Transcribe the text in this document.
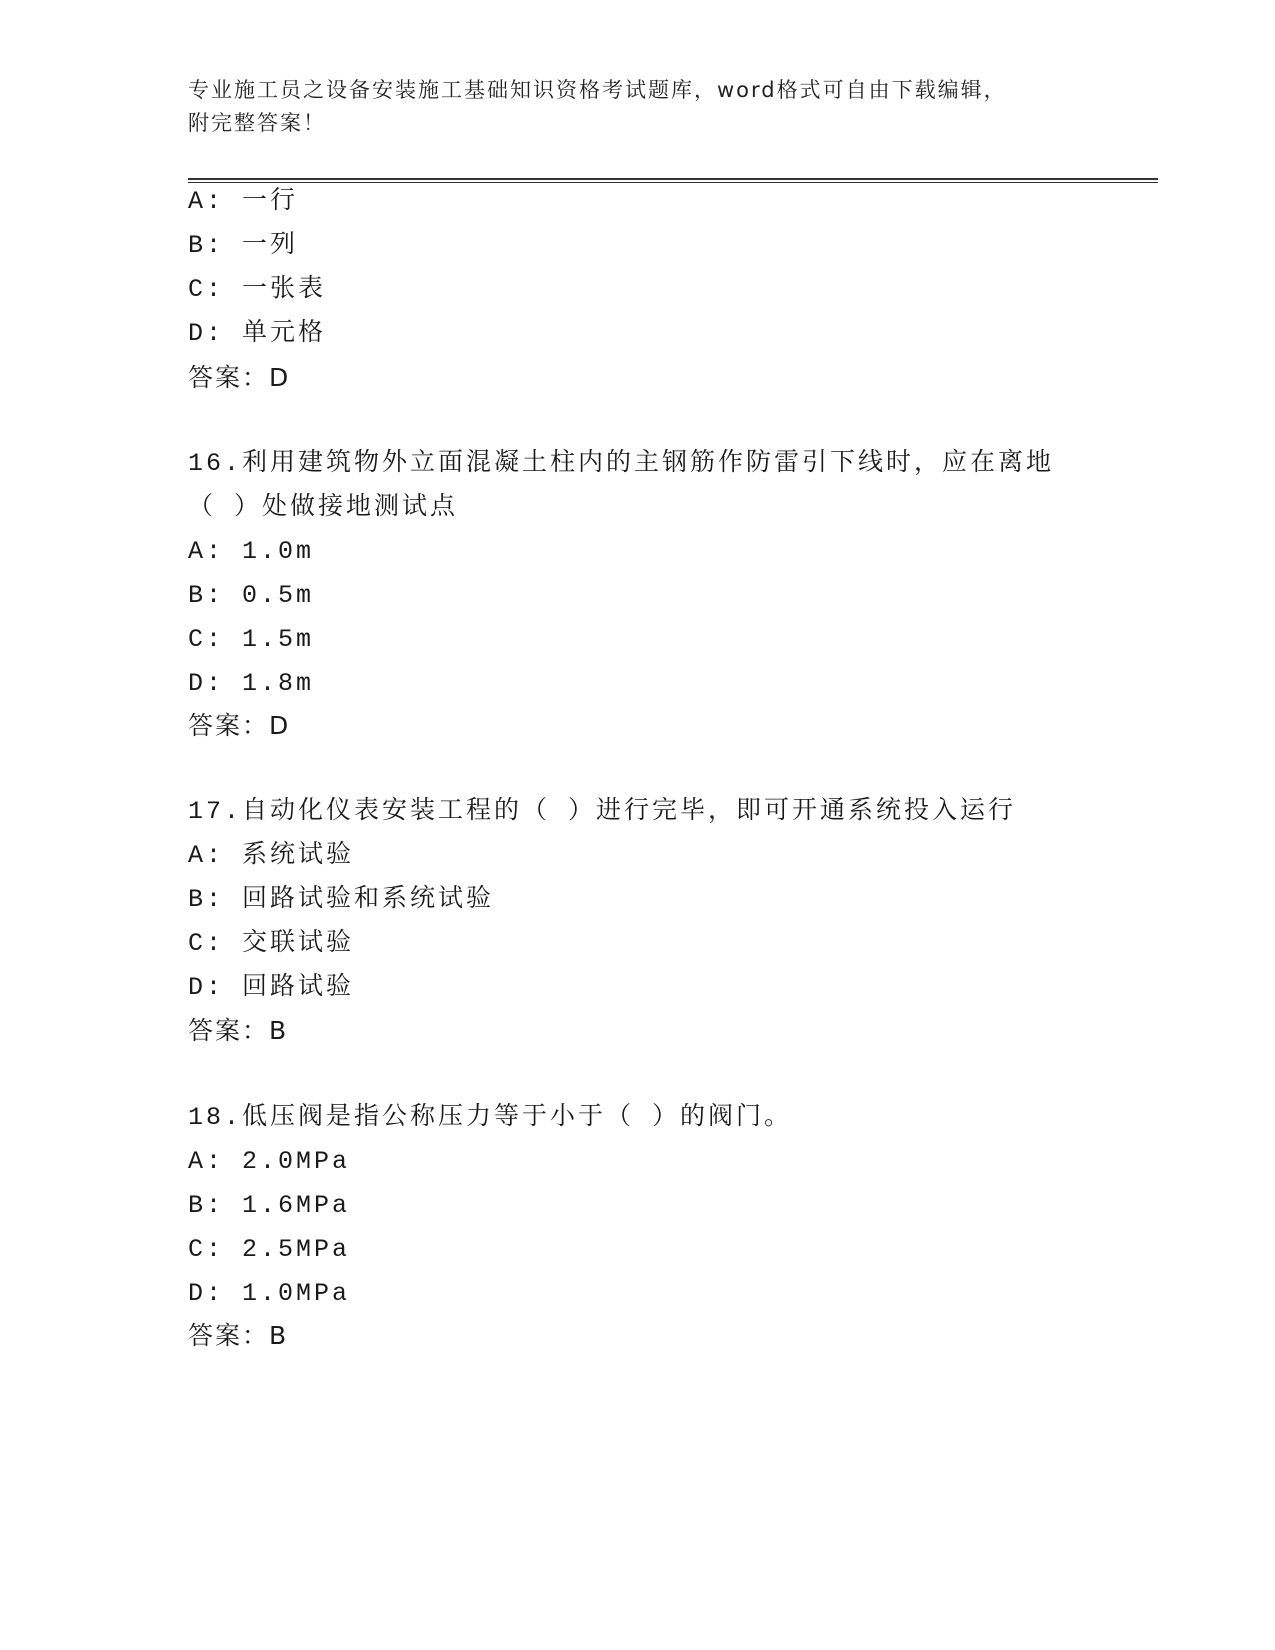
专业施工员之设备安装施工基础知识资格考试题库，word格式可自由下载编辑，
附完整答案！
A: 一行
B: 一列
C: 一张表
D: 单元格
答案：D
16.利用建筑物外立面混凝土柱内的主钢筋作防雷引下线时，应在离地
（ ）处做接地测试点
A: 1.0m
B: 0.5m
C: 1.5m
D: 1.8m
答案：D
17.自动化仪表安装工程的（ ）进行完毕，即可开通系统投入运行
A: 系统试验
B: 回路试验和系统试验
C: 交联试验
D: 回路试验
答案：B
18.低压阀是指公称压力等于小于（ ）的阀门。
A: 2.0MPa
B: 1.6MPa
C: 2.5MPa
D: 1.0MPa
答案：B
